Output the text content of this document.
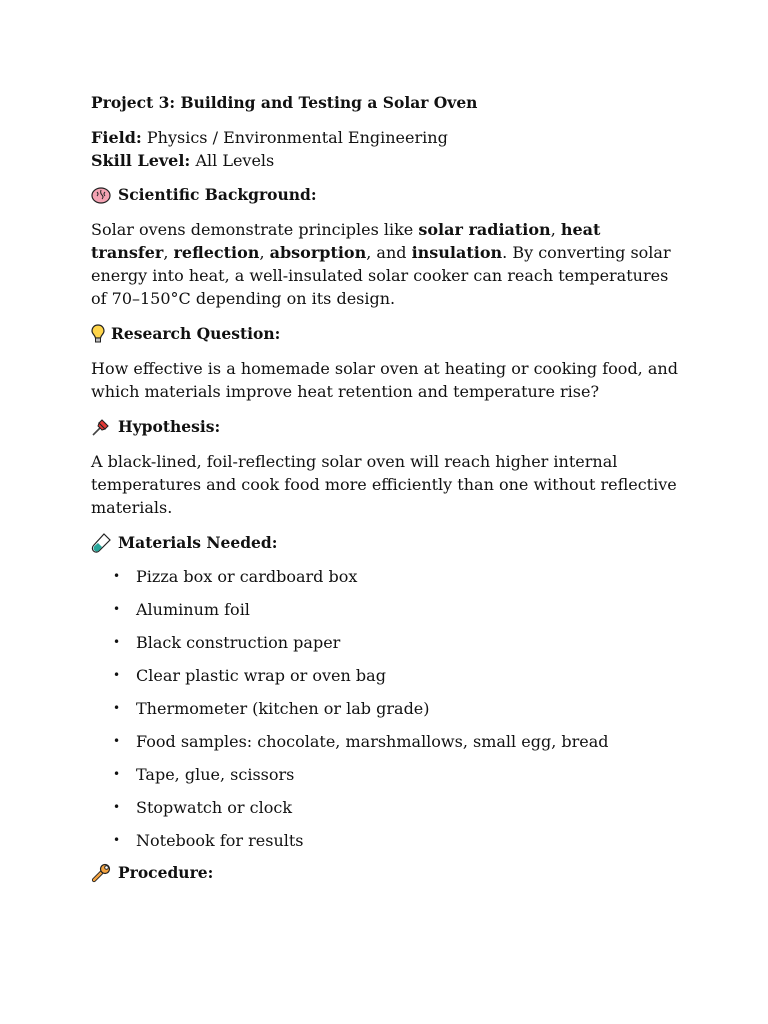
Project 3: Building and Testing a Solar Oven
Field: Physics / Environmental Engineering
Skill Level: All Levels
Scientific Background:

Solar ovens demonstrate principles like solar radiation, heat transfer, reflection, absorption, and insulation. By converting solar energy into heat, a well-insulated solar cooker can reach temperatures of 70–150°C depending on its design.

Research Question:

How effective is a homemade solar oven at heating or cooking food, and which materials improve heat retention and temperature rise?

Hypothesis:

A black-lined, foil-reflecting solar oven will reach higher internal temperatures and cook food more efficiently than one without reflective materials.

Materials Needed:
• Pizza box or cardboard box
• Aluminum foil
• Black construction paper
• Clear plastic wrap or oven bag
• Thermometer (kitchen or lab grade)
• Food samples: chocolate, marshmallows, small egg, bread
• Tape, glue, scissors
• Stopwatch or clock
• Notebook for results
Procedure:
